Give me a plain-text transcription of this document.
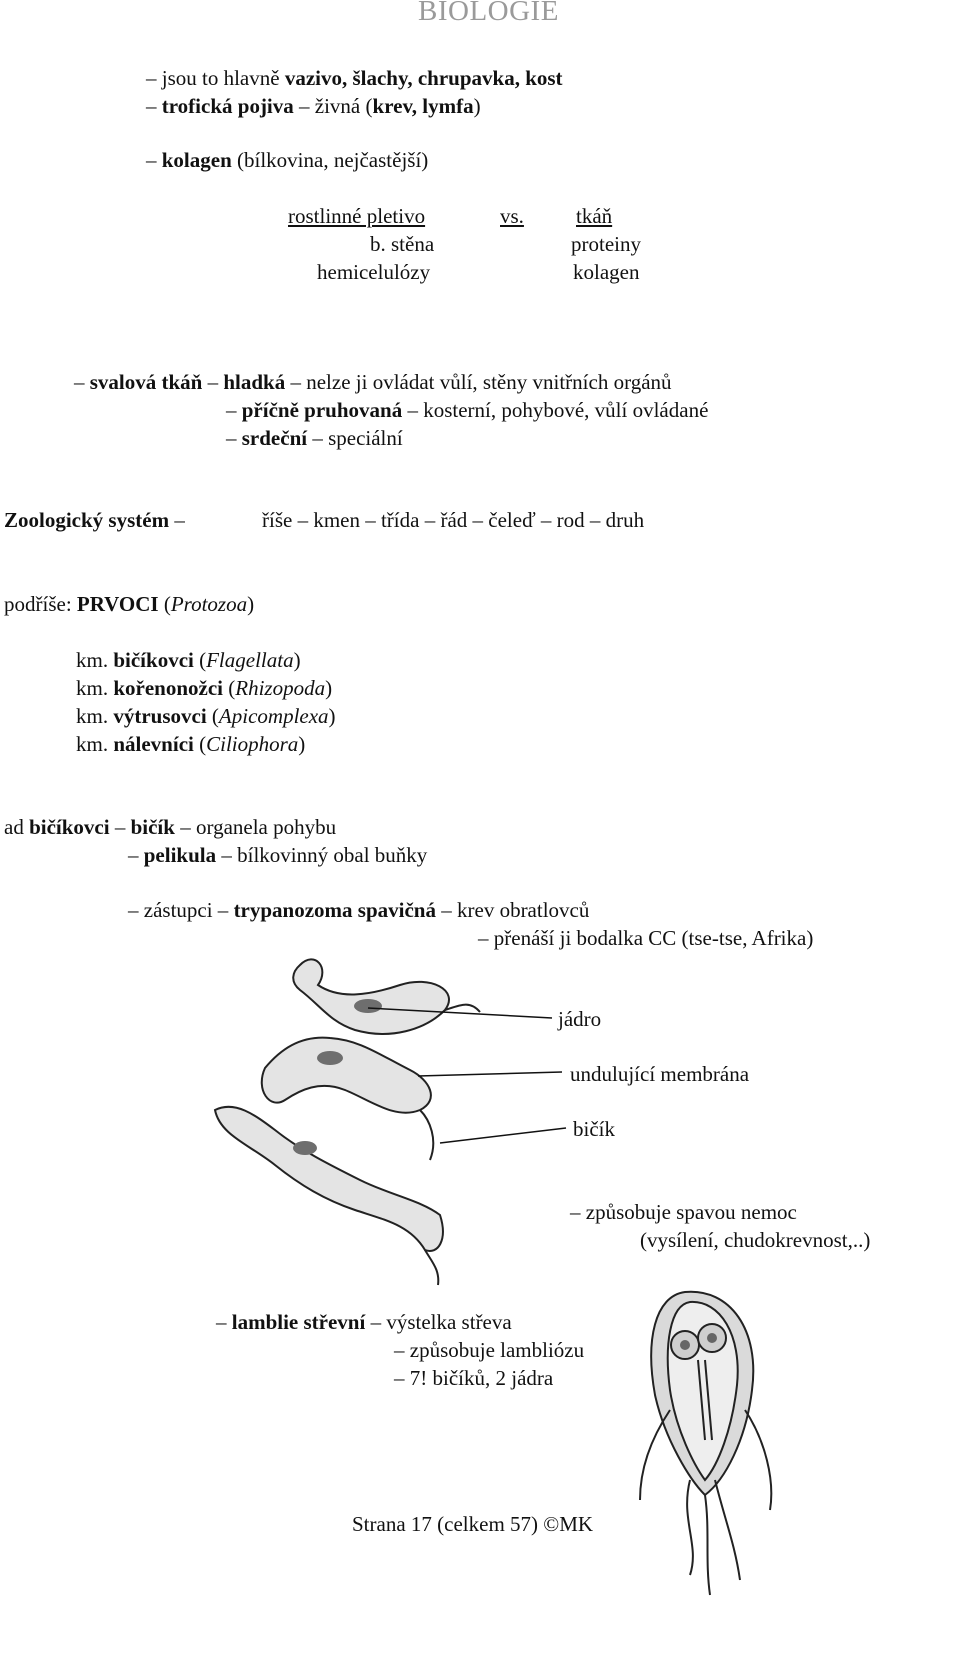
BIOLOGIE
– jsou to hlavně vazivo, šlachy, chrupavka, kost
– trofická pojiva – živná (krev, lymfa)
– kolagen (bílkovina, nejčastější)
rostlinné pletivo	vs. tkáň
b. stěna
hemicelulózy
proteiny
kolagen
– svalová tkáň – hladká – nelze ji ovládat vůlí, stěny vnitřních orgánů
– příčně pruhovaná – kosterní, pohybové, vůlí ovládané
– srdeční – speciální
Zoologický systém –	říše – kmen – třída – řád – čeleď – rod – druh
podříše: PRVOCI (Protozoa)
km. bičíkovci (Flagellata)
km. kořenonožci (Rhizopoda)
km. výtrusovci (Apicomplexa)
km. nálevníci (Ciliophora)
ad bičíkovci – bičík – organela pohybu
– pelikula – bílkovinný obal buňky
– zástupci – trypanozoma spavičná – krev obratlovců
– přenáší ji bodalka CC (tse-tse, Afrika)
jádro
undulující membrána
bičík
– způsobuje spavou nemoc
(vysílení, chudokrevnost,..)
– lamblie střevní – výstelka střeva
– způsobuje lambliózu
– 7! bičíků, 2 jádra
Strana 17 (celkem 57) ©MK
